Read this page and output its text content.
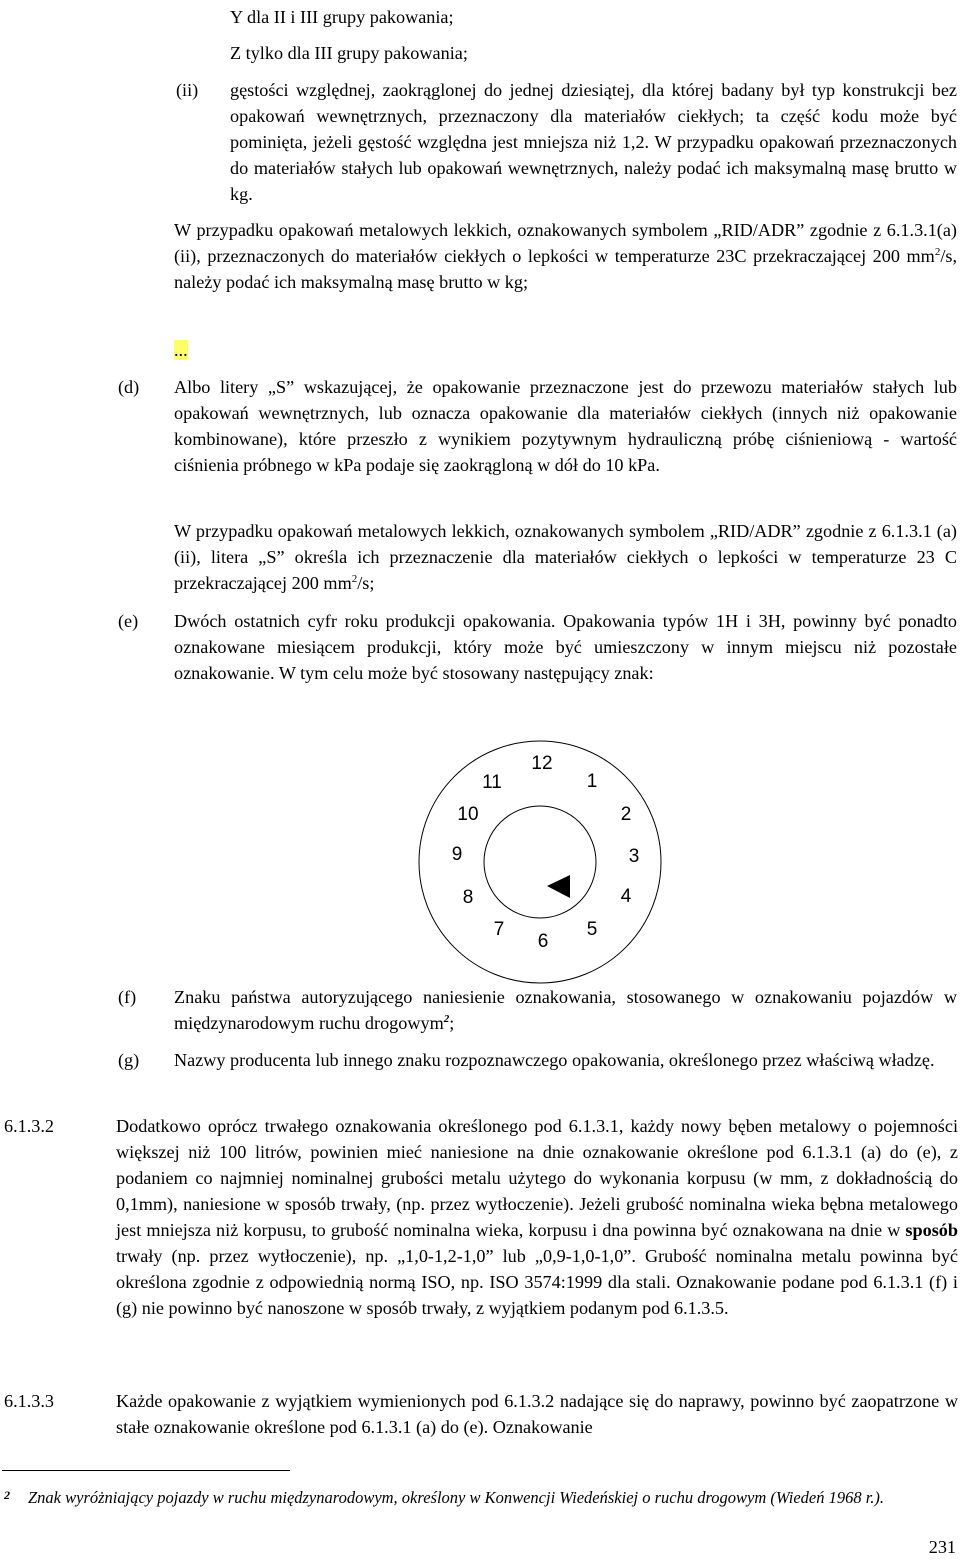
Y dla II i III grupy pakowania;
Z tylko dla III grupy pakowania;
(ii) gęstości względnej, zaokrąglonej do jednej dziesiątej, dla której badany był typ konstrukcji bez opakowań wewnętrznych, przeznaczony dla materiałów ciekłych; ta część kodu może być pominięta, jeżeli gęstość względna jest mniejsza niż 1,2. W przypadku opakowań przeznaczonych do materiałów stałych lub opakowań wewnętrznych, należy podać ich maksymalną masę brutto w kg.
W przypadku opakowań metalowych lekkich, oznakowanych symbolem „RID/ADR” zgodnie z 6.1.3.1(a) (ii), przeznaczonych do materiałów ciekłych o lepkości w temperaturze 23C przekraczającej 200 $mm^2/s$, należy podać ich maksymalną masę brutto w kg;
...
(d) Albo litery „S” wskazującej, że opakowanie przeznaczone jest do przewozu materiałów stałych lub opakowań wewnętrznych, lub oznacza opakowanie dla materiałów ciekłych (innych niż opakowanie kombinowane), które przeszło z wynikiem pozytywnym hydrauliczną próbę ciśnieniową - wartość ciśnienia próbnego w kPa podaje się zaokrągloną w dół do 10 kPa.
W przypadku opakowań metalowych lekkich, oznakowanych symbolem „RID/ADR” zgodnie z 6.1.3.1 (a) (ii), litera „S” określa ich przeznaczenie dla materiałów ciekłych o lepkości w temperaturze 23 C przekraczającej 200 $mm^2/s$;
(e) Dwóch ostatnich cyfr roku produkcji opakowania. Opakowania typów 1H i 3H, powinny być ponadto oznakowane miesiącem produkcji, który może być umieszczony w innym miejscu niż pozostałe oznakowanie. W tym celu może być stosowany następujący znak:
12
1
2
3
4
5
6
7
8
9
10
11
(f) Znaku państwa autoryzującego naniesienie oznakowania, stosowanego w oznakowaniu pojazdów w międzynarodowym ruchu drogowym$^2$;
(g) Nazwy producenta lub innego znaku rozpoznawczego opakowania, określonego przez właściwą władzę.
6.1.3.2	Dodatkowo oprócz trwałego oznakowania określonego pod 6.1.3.1, każdy nowy bęben metalowy o pojemności większej niż 100 litrów, powinien mieć naniesione na dnie oznakowanie określone pod 6.1.3.1 (a) do (e), z podaniem co najmniej nominalnej grubości metalu użytego do wykonania korpusu (w mm, z dokładnością do 0,1mm), naniesione w sposób trwały, (np. przez wytłoczenie). Jeżeli grubość nominalna wieka bębna metalowego jest mniejsza niż korpusu, to grubość nominalna wieka, korpusu i dna powinna być oznakowana na dnie w sposób trwały (np. przez wytłoczenie), np. „1,0-1,2-1,0” lub „0,9-1,0-1,0”. Grubość nominalna metalu powinna być określona zgodnie z odpowiednią normą ISO, np. ISO 3574:1999 dla stali. Oznakowanie podane pod 6.1.3.1 (f) i (g) nie powinno być nanoszone w sposób trwały, z wyjątkiem podanym pod 6.1.3.5.
6.1.3.3	Każde opakowanie z wyjątkiem wymienionych pod 6.1.3.2 nadające się do naprawy, powinno być zaopatrzone w stałe oznakowanie określone pod 6.1.3.1 (a) do (e). Oznakowanie
2 Znak wyróżniający pojazdy w ruchu międzynarodowym, określony w Konwencji Wiedeńskiej o ruchu drogowym (Wiedeń 1968 r.).
231
